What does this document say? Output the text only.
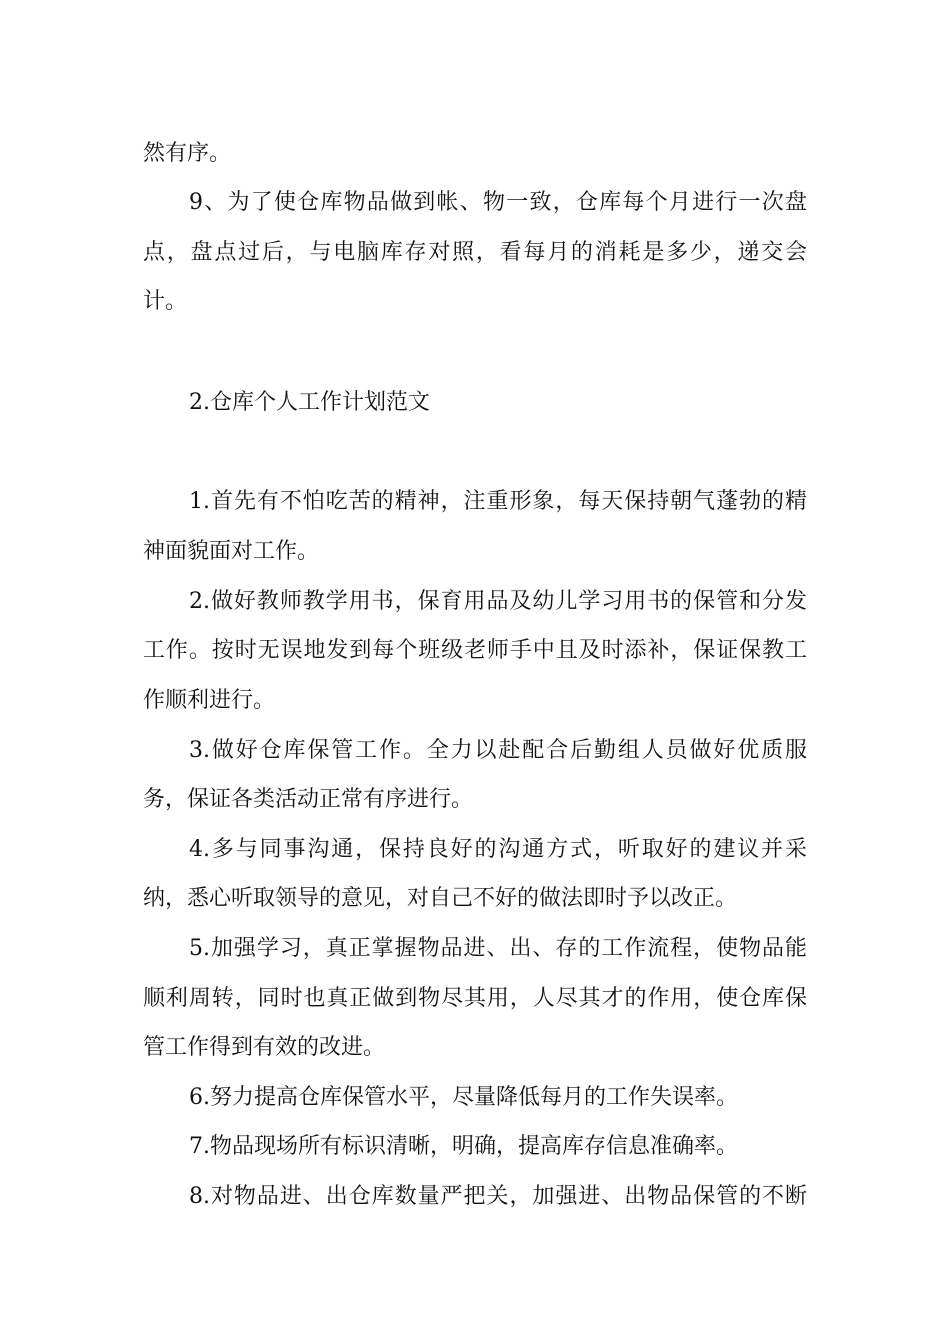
然有序。
9、为了使仓库物品做到帐、物一致，仓库每个月进行一次盘
点，盘点过后，与电脑库存对照，看每月的消耗是多少，递交会
计。
2.仓库个人工作计划范文
1.首先有不怕吃苦的精神，注重形象，每天保持朝气蓬勃的精
神面貌面对工作。
2.做好教师教学用书，保育用品及幼儿学习用书的保管和分发
工作。按时无误地发到每个班级老师手中且及时添补，保证保教工
作顺利进行。
3.做好仓库保管工作。全力以赴配合后勤组人员做好优质服
务，保证各类活动正常有序进行。
4.多与同事沟通，保持良好的沟通方式，听取好的建议并采
纳，悉心听取领导的意见，对自己不好的做法即时予以改正。
5.加强学习，真正掌握物品进、出、存的工作流程，使物品能
顺利周转，同时也真正做到物尽其用，人尽其才的作用，使仓库保
管工作得到有效的改进。
6.努力提高仓库保管水平，尽量降低每月的工作失误率。
7.物品现场所有标识清晰，明确，提高库存信息准确率。
8.对物品进、出仓库数量严把关，加强进、出物品保管的不断
